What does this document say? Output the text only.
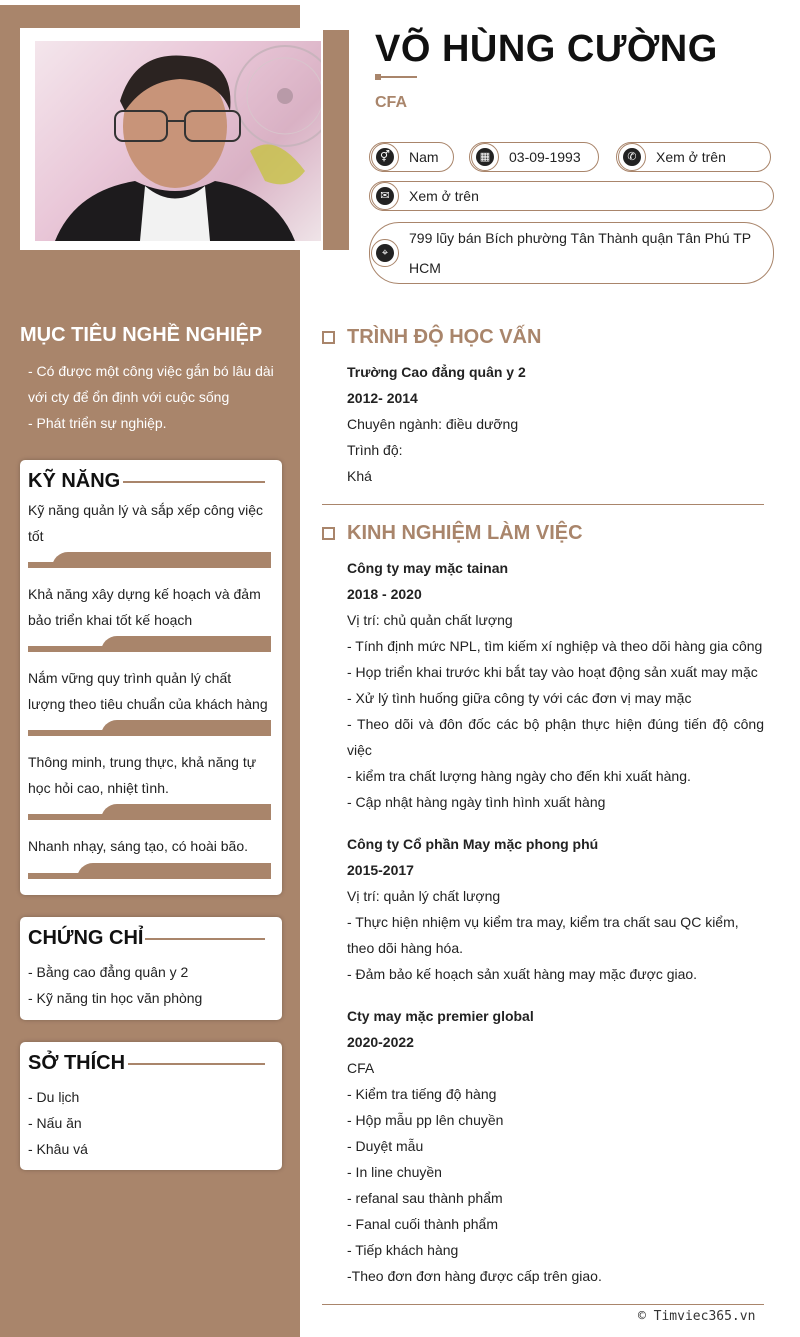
VÕ HÙNG CƯỜNG
CFA
⚥ Nam	▦ 03-09-1993	✆	Xem ở trên
✉	Xem ở trên
⌖
799 lũy bán Bích phường Tân Thành quận Tân Phú TP HCM
MỤC TIÊU NGHỀ NGHIỆP
- Có được một công việc gắn bó lâu dài với cty để ổn định với cuộc sống
- Phát triển sự nghiệp.
KỸ NĂNG
Kỹ năng quản lý và sắp xếp công việc tốt
Khả năng xây dựng kế hoạch và đảm bảo triển khai tốt kế hoạch
Nắm vững quy trình quản lý chất lượng theo tiêu chuẩn của khách hàng
Thông minh, trung thực, khả năng tự học hỏi cao, nhiệt tình.
Nhanh nhạy, sáng tạo, có hoài bão.
CHỨNG CHỈ
- Bằng cao đẳng quân y 2
- Kỹ năng tin học văn phòng
SỞ THÍCH
- Du lịch
- Nấu ăn
- Khâu vá
TRÌNH ĐỘ HỌC VẤN
Trường Cao đẳng quân y 2
2012- 2014
Chuyên ngành: điều dưỡng
Trình độ:
Khá
KINH NGHIỆM LÀM VIỆC
Công ty may mặc tainan
2018 - 2020
Vị trí: chủ quản chất lượng
- Tính định mức NPL, tìm kiếm xí nghiệp và theo dõi hàng gia công
- Họp triển khai trước khi bắt tay vào hoạt động sản xuất may mặc
- Xử lý tình huống giữa công ty với các đơn vị may mặc
- Theo dõi và đôn đốc các bộ phận thực hiện đúng tiến độ công việc
- kiểm tra chất lượng hàng ngày cho đến khi xuất hàng.
- Cập nhật hàng ngày tình hình xuất hàng
Công ty Cổ phần May mặc phong phú
2015-2017
Vị trí: quản lý chất lượng
- Thực hiện nhiệm vụ kiểm tra may, kiểm tra chất sau QC kiểm, theo dõi hàng hóa.
- Đảm bảo kế hoạch sản xuất hàng may mặc được giao.
Cty may mặc premier global
2020-2022
CFA
- Kiểm tra tiếng độ hàng
- Hộp mẫu pp lên chuyền
- Duyệt mẫu
- In line chuyền
- refanal sau thành phẩm
- Fanal cuối thành phẩm
- Tiếp khách hàng
-Theo đơn đơn hàng được cấp trên giao.
© Timviec365.vn
